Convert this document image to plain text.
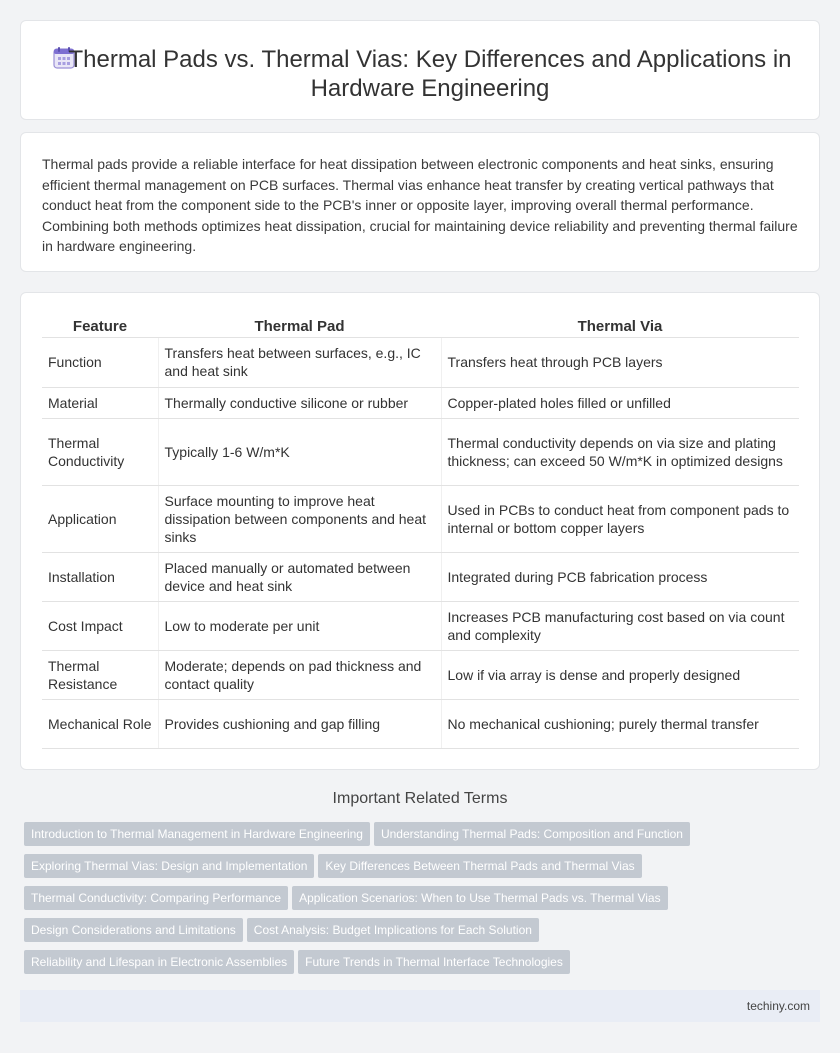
Thermal Pads vs. Thermal Vias: Key Differences and Applications in Hardware Engineering

Thermal pads provide a reliable interface for heat dissipation between electronic components and heat sinks, ensuring efficient thermal management on PCB surfaces. Thermal vias enhance heat transfer by creating vertical pathways that conduct heat from the component side to the PCB's inner or opposite layer, improving overall thermal performance. Combining both methods optimizes heat dissipation, crucial for maintaining device reliability and preventing thermal failure in hardware engineering.

Feature	Thermal Pad	Thermal Via
Function	Transfers heat between surfaces, e.g., IC and heat sink	Transfers heat through PCB layers
Material	Thermally conductive silicone or rubber	Copper-plated holes filled or unfilled
Thermal Conductivity	Typically 1-6 W/m*K	Thermal conductivity depends on via size and plating thickness; can exceed 50 W/m*K in optimized designs
Application	Surface mounting to improve heat dissipation between components and heat sinks	Used in PCBs to conduct heat from component pads to internal or bottom copper layers
Installation	Placed manually or automated between device and heat sink	Integrated during PCB fabrication process
Cost Impact	Low to moderate per unit	Increases PCB manufacturing cost based on via count and complexity
Thermal Resistance	Moderate; depends on pad thickness and contact quality	Low if via array is dense and properly designed
Mechanical Role	Provides cushioning and gap filling	No mechanical cushioning; purely thermal transfer
Important Related Terms
Introduction to Thermal Management in Hardware Engineering Understanding Thermal Pads: Composition and Function
Exploring Thermal Vias: Design and Implementation Key Differences Between Thermal Pads and Thermal Vias
Thermal Conductivity: Comparing Performance Application Scenarios: When to Use Thermal Pads vs. Thermal Vias
Design Considerations and Limitations Cost Analysis: Budget Implications for Each Solution
Reliability and Lifespan in Electronic Assemblies Future Trends in Thermal Interface Technologies
techiny.com
